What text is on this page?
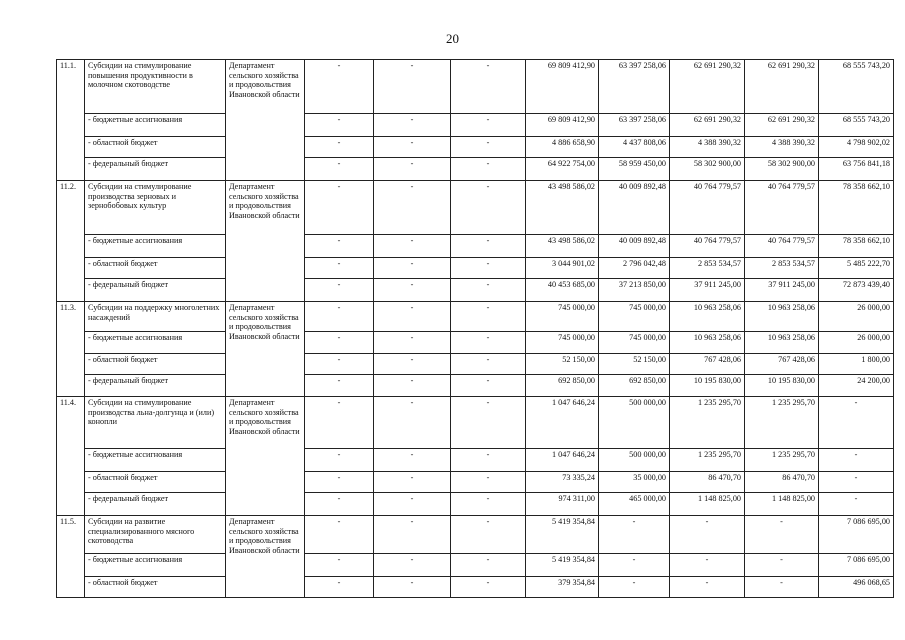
20
11.1.	Субсидии на стимулирование повышения продуктивности в молочном скотоводстве	Департамент сельского хозяйства и продовольствия Ивановской области	-	-	-	69 809 412,90	63 397 258,06	62 691 290,32	62 691 290,32	68 555 743,20
	- бюджетные ассигнования		-	-	-	69 809 412,90	63 397 258,06	62 691 290,32	62 691 290,32	68 555 743,20
	- областной бюджет		-	-	-	4 886 658,90	4 437 808,06	4 388 390,32	4 388 390,32	4 798 902,02
	- федеральный бюджет		-	-	-	64 922 754,00	58 959 450,00	58 302 900,00	58 302 900,00	63 756 841,18
11.2.	Субсидии на стимулирование производства зерновых и зернобобовых культур	Департамент сельского хозяйства и продовольствия Ивановской области	-	-	-	43 498 586,02	40 009 892,48	40 764 779,57	40 764 779,57	78 358 662,10
	- бюджетные ассигнования		-	-	-	43 498 586,02	40 009 892,48	40 764 779,57	40 764 779,57	78 358 662,10
	- областной бюджет		-	-	-	3 044 901,02	2 796 042,48	2 853 534,57	2 853 534,57	5 485 222,70
	- федеральный бюджет		-	-	-	40 453 685,00	37 213 850,00	37 911 245,00	37 911 245,00	72 873 439,40
11.3.	Субсидии на поддержку многолетних насаждений	Департамент сельского хозяйства и продовольствия Ивановской области	-	-	-	745 000,00	745 000,00	10 963 258,06	10 963 258,06	26 000,00
	- бюджетные ассигнования		-	-	-	745 000,00	745 000,00	10 963 258,06	10 963 258,06	26 000,00
	- областной бюджет		-	-	-	52 150,00	52 150,00	767 428,06	767 428,06	1 800,00
	- федеральный бюджет		-	-	-	692 850,00	692 850,00	10 195 830,00	10 195 830,00	24 200,00
11.4.	Субсидии на стимулирование производства льна-долгунца и (или) конопли	Департамент сельского хозяйства и продовольствия Ивановской области	-	-	-	1 047 646,24	500 000,00	1 235 295,70	1 235 295,70	-
	- бюджетные ассигнования		-	-	-	1 047 646,24	500 000,00	1 235 295,70	1 235 295,70	-
	- областной бюджет		-	-	-	73 335,24	35 000,00	86 470,70	86 470,70	-
	- федеральный бюджет		-	-	-	974 311,00	465 000,00	1 148 825,00	1 148 825,00	-
11.5.	Субсидии на развитие специализированного мясного скотоводства	Департамент сельского хозяйства и продовольствия Ивановской области	-	-	-	5 419 354,84	-	-	-	7 086 695,00
	- бюджетные ассигнования		-	-	-	5 419 354,84	-	-	-	7 086 695,00
	- областной бюджет		-	-	-	379 354,84	-	-	-	496 068,65
